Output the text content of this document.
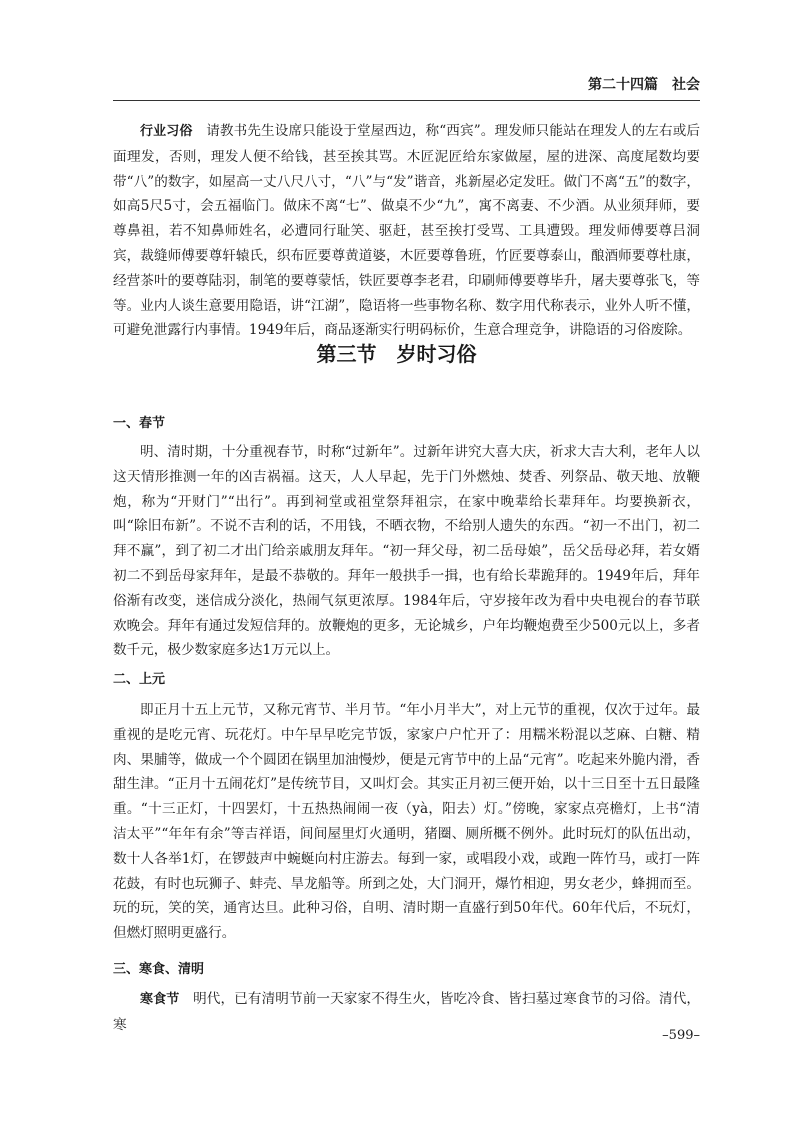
第二十四篇　社会

行业习俗　 请教书先生设席只能设于堂屋西边，称“西宾”。理发师只能站在理发人的左右或后面理发，否则，理发人便不给钱，甚至挨其骂。木匠泥匠给东家做屋，屋的进深、高度尾数均要带“八”的数字，如屋高一丈八尺八寸，“八”与“发”谐音，兆新屋必定发旺。做门不离“五”的数字，如高5尺5寸，会五福临门。做床不离“七”、做桌不少“九”，寓不离妻、不少酒。从业须拜师，要尊鼻祖，若不知鼻师姓名，必遭同行耻笑、驱赶，甚至挨打受骂、工具遭毁。理发师傅要尊吕洞宾，裁缝师傅要尊轩辕氏，织布匠要尊黄道婆，木匠要尊鲁班，竹匠要尊泰山，酿酒师要尊杜康，经营茶叶的要尊陆羽，制笔的要尊蒙恬，铁匠要尊李老君，印刷师傅要尊毕升，屠夫要尊张飞，等等。业内人谈生意要用隐语，讲“江湖”，隐语将一些事物名称、数字用代称表示，业外人听不懂，可避免泄露行内事情。1949年后，商品逐渐实行明码标价，生意合理竞争，讲隐语的习俗废除。

第三节　岁时习俗
一、春节

明、清时期，十分重视春节，时称“过新年”。过新年讲究大喜大庆，祈求大吉大利，老年人以这天情形推测一年的凶吉祸福。这天，人人早起，先于门外燃烛、焚香、列祭品、敬天地、放鞭炮，称为“开财门”“出行”。再到祠堂或祖堂祭拜祖宗，在家中晚辈给长辈拜年。均要换新衣，叫“除旧布新”。不说不吉利的话，不用钱，不晒衣物，不给别人遗失的东西。“初一不出门，初二拜不赢”，到了初二才出门给亲戚朋友拜年。“初一拜父母，初二岳母娘”，岳父岳母必拜，若女婿初二不到岳母家拜年，是最不恭敬的。拜年一般拱手一揖，也有给长辈跪拜的。1949年后，拜年俗渐有改变，迷信成分淡化，热闹气氛更浓厚。1984年后，守岁接年改为看中央电视台的春节联欢晚会。拜年有通过发短信拜的。放鞭炮的更多，无论城乡，户年均鞭炮费至少500元以上，多者数千元，极少数家庭多达1万元以上。

二、上元

即正月十五上元节，又称元宵节、半月节。“年小月半大”，对上元节的重视，仅次于过年。最重视的是吃元宵、玩花灯。中午早早吃完节饭，家家户户忙开了：用糯米粉混以芝麻、白糖、精肉、果脯等，做成一个个圆团在锅里加油慢炒，便是元宵节中的上品“元宵”。吃起来外脆内滑，香甜生津。“正月十五闹花灯”是传统节目，又叫灯会。其实正月初三便开始，以十三日至十五日最隆重。“十三正灯，十四罢灯，十五热热闹闹一夜（yà，阳去）灯。”傍晚，家家点亮檐灯，上书“清洁太平”“年年有余”等吉祥语，间间屋里灯火通明，猪圈、厕所概不例外。此时玩灯的队伍出动，数十人各举1灯，在锣鼓声中蜿蜒向村庄游去。每到一家，或唱段小戏，或跑一阵竹马，或打一阵花鼓，有时也玩狮子、蚌壳、旱龙船等。所到之处，大门洞开，爆竹相迎，男女老少，蜂拥而至。玩的玩，笑的笑，通宵达旦。此种习俗，自明、清时期一直盛行到50年代。60年代后，不玩灯，但燃灯照明更盛行。

三、寒食、清明

寒食节　 明代，已有清明节前一天家家不得生火，皆吃冷食、皆扫墓过寒食节的习俗。清代，寒

–599–
